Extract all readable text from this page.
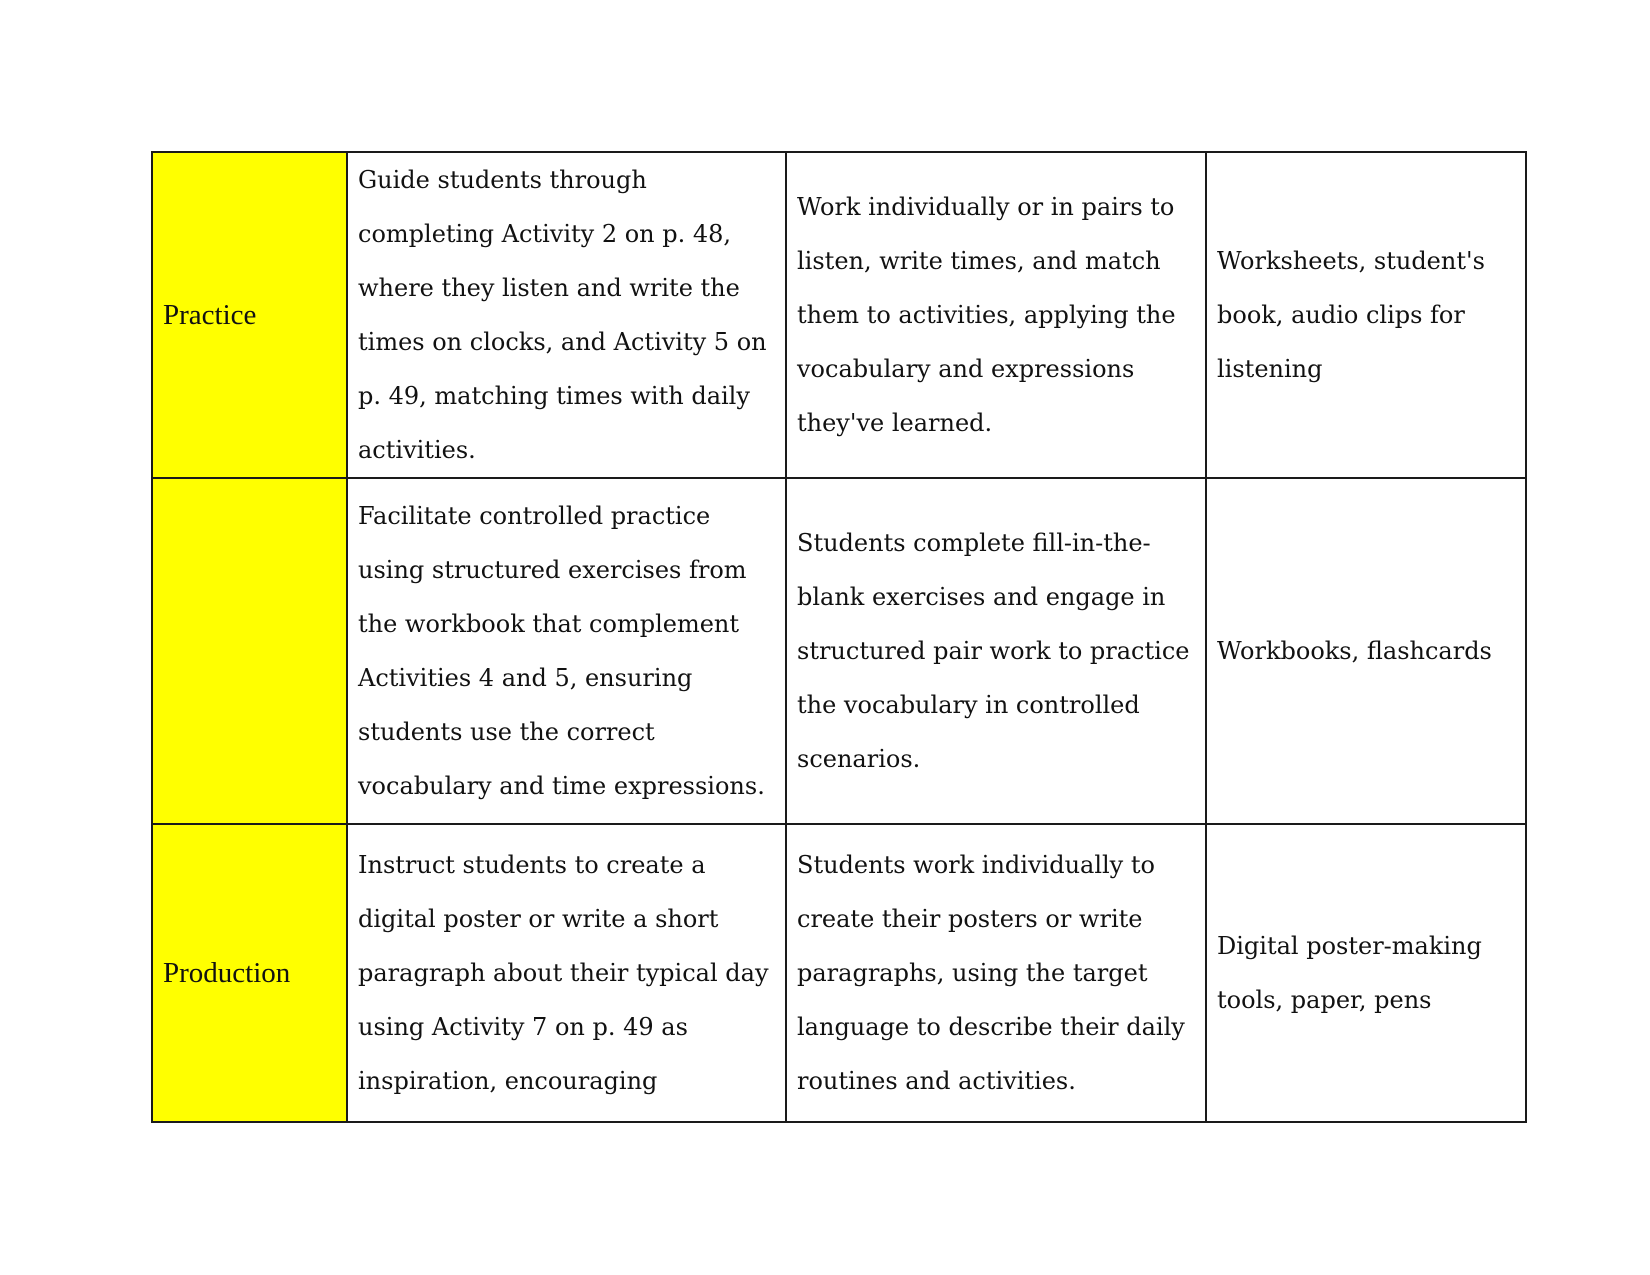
Practice	Guide students through completing Activity 2 on p. 48, where they listen and write the times on clocks, and Activity 5 on p. 49, matching times with daily activities.	Work individually or in pairs to listen, write times, and match them to activities, applying the vocabulary and expressions they've learned.	Worksheets, student's book, audio clips for listening

	Facilitate controlled practice using structured exercises from the workbook that complement Activities 4 and 5, ensuring students use the correct vocabulary and time expressions.	Students complete fill-in-the-blank exercises and engage in structured pair work to practice the vocabulary in controlled scenarios.	Workbooks, flashcards

Production	Instruct students to create a digital poster or write a short paragraph about their typical day using Activity 7 on p. 49 as inspiration, encouraging	Students work individually to create their posters or write paragraphs, using the target language to describe their daily routines and activities.	Digital poster-making tools, paper, pens
